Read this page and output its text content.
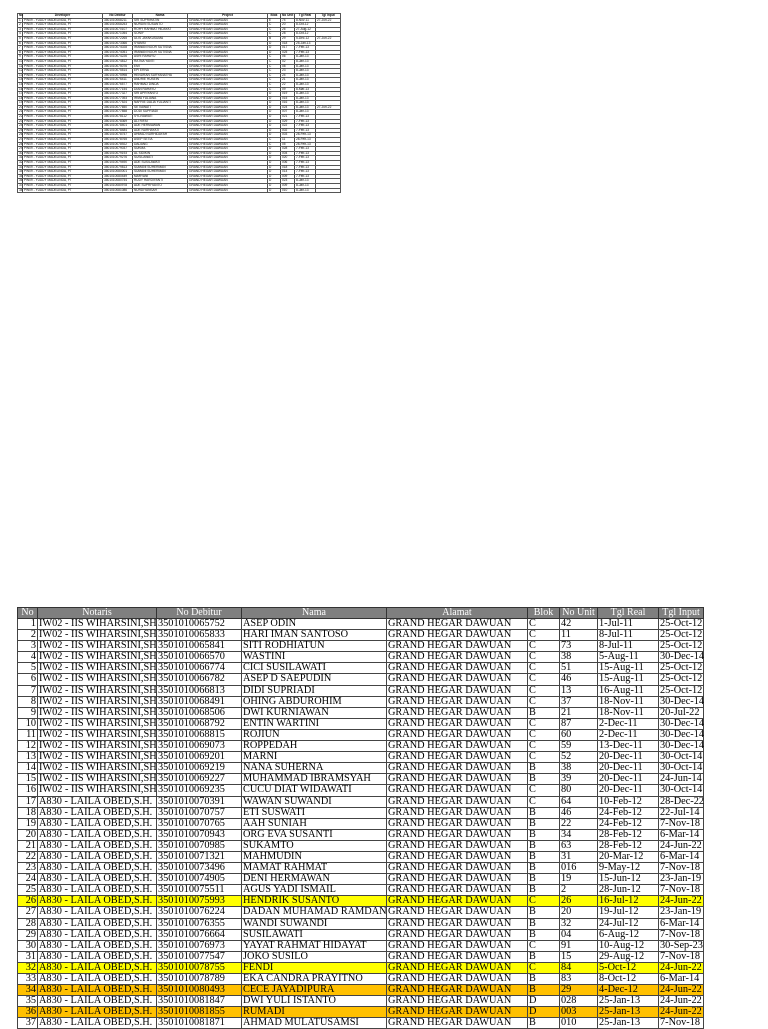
No	Developer	No Debitur	Nama	Project	Blok	No Unit	Tgl Real	Tgl Input
1	PW09 - YUDDY MADELINDA, PT	3501010068211	SRI SUPRIHATIN	GRAND HEGAR DAWUAN	E	74	8-Nov-11	27-Jun-22
2	PW09 - YUDDY MADELINDA, PT	3501010068253	NURDIN SUSANTO	GRAND HEGAR DAWUAN	C	20	8-Oct-12	
3	PW09 - YUDDY MADELINDA, PT	3501010070107	ROHY RAHMAT HIDAYAT	GRAND HEGAR DAWUAN	C	26	27-Aug-12	
4	PW09 - YUDDY MADELINDA, PT	3501010071054	SONIY	GRAND HEGAR DAWUAN	C	28	8-Oct-12	
5	PW09 - YUDDY MADELINDA, PT	3501010072265	ULIS JAYAKUSUMA	GRAND HEGAR DAWUAN	B	29	5-Dec-12	27-Jun-22
6	PW09 - YUDDY MADELINDA, PT	3501010073366	SYAMSI	GRAND HEGAR DAWUAN	D	018	25-Jan-13	
7	PW09 - YUDDY MADELINDA, PT	3501010074028	IRAWAN NOOR SUTISNA	GRAND HEGAR DAWUAN	D	017	7-Feb-13	
8	PW09 - YUDDY MADELINDA, PT	3501010074051	IRAWAN NOOR SUTISNA	GRAND HEGAR DAWUAN	D	025	7-Feb-13	
9	PW09 - YUDDY MADELINDA, PT	3501010074226	ASRI RAHAYU	GRAND HEGAR DAWUAN	C	06	8-Jan-13	
10	PW09 - YUDDY MADELINDA, PT	3501010074812	RATNA YANTI	GRAND HEGAR DAWUAN	C	02	8-Jan-13	
11	PW09 - YUDDY MADELINDA, PT	3501010075076	EMI	GRAND HEGAR DAWUAN	C	08	8-Jan-13	
12	PW09 - YUDDY MADELINDA, PT	3501010075514	EPI ERNA	GRAND HEGAR DAWUAN	C	23	8-Jan-13	
13	PW09 - YUDDY MADELINDA, PT	3501010075998	HENDRAN SURYANATHA	GRAND HEGAR DAWUAN	C	24	8-Jan-13	
14	PW09 - YUDDY MADELINDA, PT	3501010076411	ANDRIE HUSEIN	GRAND HEGAR DAWUAN	C	21	8-Jan-13	
15	PW09 - YUDDY MADELINDA, PT	3501010076577	RAHMAD DINDA	GRAND HEGAR DAWUAN	C	22	8-Jan-13	
16	PW09 - YUDDY MADELINDA, PT	3501010077154	DIAN RAHAYU	GRAND HEGAR DAWUAN	C	09	8-Mar-13	
17	PW09 - YUDDY MADELINDA, PT	3501010077327	SRI APRIYANTO	GRAND HEGAR DAWUAN	D	019	8-Jan-13	
18	PW09 - YUDDY MADELINDA, PT	3501010077393	IRMA YULIANA	GRAND HEGAR DAWUAN	D	015	8-Jan-13	
19	PW09 - YUDDY MADELINDA, PT	3501010077524	NAFRIE DALIA YULIANTI	GRAND HEGAR DAWUAN	D	016	8-Jan-13	
20	PW09 - YUDDY MADELINDA, PT	3501010077650	SETIAWATI	GRAND HEGAR DAWUAN	D	024	8-Jan-13	27-Jun-22
21	PW09 - YUDDY MADELINDA, PT	3501010077858	DODI SUPRIADI	GRAND HEGAR DAWUAN	D	007	8-Jan-13	
22	PW09 - YUDDY MADELINDA, PT	3501010078112	SYLVIAWATI	GRAND HEGAR DAWUAN	D	021	7-Feb-13	
23	PW09 - YUDDY MADELINDA, PT	3501010078369	ALI RIFAI	GRAND HEGAR DAWUAN	D	029	7-Feb-13	
24	PW09 - YUDDY MADELINDA, PT	3501010078401	ADE HERMAWAN	GRAND HEGAR DAWUAN	D	022	7-Feb-13	
25	PW09 - YUDDY MADELINDA, PT	3501010078484	ADE NURHAYATI	GRAND HEGAR DAWUAN	D	002	7-Feb-13	
26	PW09 - YUDDY MADELINDA, PT	3501010078757	AHMAD NURHIDAYAH	GRAND HEGAR DAWUAN	D	003	28-Feb-13	
27	PW09 - YUDDY MADELINDA, PT	3501010078765	ASEP SETIA	GRAND HEGAR DAWUAN	C	11	28-Feb-13	
28	PW09 - YUDDY MADELINDA, PT	3501010078922	DADANG	GRAND HEGAR DAWUAN	C	05	28-Feb-13	
29	PW09 - YUDDY MADELINDA, PT	3501010079037	SUKMA	GRAND HEGAR DAWUAN	D	028	7-Feb-13	
30	PW09 - YUDDY MADELINDA, PT	3501010079193	AL SIDIKIN	GRAND HEGAR DAWUAN	D	004	7-Feb-13	
31	PW09 - YUDDY MADELINDA, PT	3501010079276	SUSILAWATI	GRAND HEGAR DAWUAN	D	020	7-Feb-13	
32	PW09 - YUDDY MADELINDA, PT	3501010079490	ADE SUSILAWATI	GRAND HEGAR DAWUAN	D	006	7-Feb-13	
33	PW09 - YUDDY MADELINDA, PT	3501010079813	SUMANI SUHERMAN	GRAND HEGAR DAWUAN	D	018	7-Feb-13	
34	PW09 - YUDDY MADELINDA, PT	3501010080001	SUMANI SUHERMAN	GRAND HEGAR DAWUAN	D	014	7-Feb-13	
35	PW09 - YUDDY MADELINDA, PT	3501010080449	MARYANI	GRAND HEGAR DAWUAN	D	009	7-Feb-13	
36	PW09 - YUDDY MADELINDA, PT	3501010080754	RUDY HARDIYANTI	GRAND HEGAR DAWUAN	D	023	8-Jan-13	
37	PW09 - YUDDY MADELINDA, PT	3501010080978	ADE SUPRIYANTO	GRAND HEGAR DAWUAN	D	009	8-Jan-13	
38	PW09 - YUDDY MADELINDA, PT	3501010081086	NURDIYANSAH	GRAND HEGAR DAWUAN	D	010	8-Jan-13	
No	Notaris	No Debitur	Nama	Alamat	Blok	No Unit	Tgl Real	Tgl Input
1	IW02 - IIS WIHARSINI,SH	3501010065752	ASEP ODIN	GRAND HEGAR DAWUAN	C	42	1-Jul-11	25-Oct-12
2	IW02 - IIS WIHARSINI,SH	3501010065833	HARI IMAN SANTOSO	GRAND HEGAR DAWUAN	C	11	8-Jul-11	25-Oct-12
3	IW02 - IIS WIHARSINI,SH	3501010065841	SITI RODHIATUN	GRAND HEGAR DAWUAN	C	73	8-Jul-11	25-Oct-12
4	IW02 - IIS WIHARSINI,SH	3501010066570	WASTINI	GRAND HEGAR DAWUAN	C	38	5-Aug-11	30-Dec-14
5	IW02 - IIS WIHARSINI,SH	3501010066774	CICI SUSILAWATI	GRAND HEGAR DAWUAN	C	51	15-Aug-11	25-Oct-12
6	IW02 - IIS WIHARSINI,SH	3501010066782	ASEP D SAEPUDIN	GRAND HEGAR DAWUAN	C	46	15-Aug-11	25-Oct-12
7	IW02 - IIS WIHARSINI,SH	3501010066813	DIDI SUPRIADI	GRAND HEGAR DAWUAN	C	13	16-Aug-11	25-Oct-12
8	IW02 - IIS WIHARSINI,SH	3501010068491	OHING ABDUROHIM	GRAND HEGAR DAWUAN	C	37	18-Nov-11	30-Dec-14
9	IW02 - IIS WIHARSINI,SH	3501010068506	DWI KURNIAWAN	GRAND HEGAR DAWUAN	B	21	18-Nov-11	20-Jul-22
10	IW02 - IIS WIHARSINI,SH	3501010068792	ENTIN WARTINI	GRAND HEGAR DAWUAN	C	87	2-Dec-11	30-Dec-14
11	IW02 - IIS WIHARSINI,SH	3501010068815	ROJIUN	GRAND HEGAR DAWUAN	C	60	2-Dec-11	30-Dec-14
12	IW02 - IIS WIHARSINI,SH	3501010069073	ROPPEDAH	GRAND HEGAR DAWUAN	C	59	13-Dec-11	30-Dec-14
13	IW02 - IIS WIHARSINI,SH	3501010069201	MARNI	GRAND HEGAR DAWUAN	C	52	20-Dec-11	30-Oct-14
14	IW02 - IIS WIHARSINI,SH	3501010069219	NANA SUHERNA	GRAND HEGAR DAWUAN	B	38	20-Dec-11	30-Oct-14
15	IW02 - IIS WIHARSINI,SH	3501010069227	MUHAMMAD IBRAMSYAH	GRAND HEGAR DAWUAN	B	39	20-Dec-11	24-Jun-14
16	IW02 - IIS WIHARSINI,SH	3501010069235	CUCU DIAT WIDAWATI	GRAND HEGAR DAWUAN	C	80	20-Dec-11	30-Oct-14
17	A830 - LAILA OBED,S.H.	3501010070391	WAWAN SUWANDI	GRAND HEGAR DAWUAN	C	64	10-Feb-12	28-Dec-22
18	A830 - LAILA OBED,S.H.	3501010070757	ETI SUSWATI	GRAND HEGAR DAWUAN	B	46	24-Feb-12	22-Jul-14
19	A830 - LAILA OBED,S.H.	3501010070765	AAH SUNIAH	GRAND HEGAR DAWUAN	B	22	24-Feb-12	7-Nov-18
20	A830 - LAILA OBED,S.H.	3501010070943	ORG EVA SUSANTI	GRAND HEGAR DAWUAN	B	34	28-Feb-12	6-Mar-14
21	A830 - LAILA OBED,S.H.	3501010070985	SUKAMTO	GRAND HEGAR DAWUAN	B	63	28-Feb-12	24-Jun-22
22	A830 - LAILA OBED,S.H.	3501010071321	MAHMUDIN	GRAND HEGAR DAWUAN	B	31	20-Mar-12	6-Mar-14
23	A830 - LAILA OBED,S.H.	3501010073496	MAMAT RAHMAT	GRAND HEGAR DAWUAN	B	016	9-May-12	7-Nov-18
24	A830 - LAILA OBED,S.H.	3501010074905	DENI HERMAWAN	GRAND HEGAR DAWUAN	B	19	15-Jun-12	23-Jan-19
25	A830 - LAILA OBED,S.H.	3501010075511	AGUS YADI ISMAIL	GRAND HEGAR DAWUAN	B	2	28-Jun-12	7-Nov-18
26	A830 - LAILA OBED,S.H.	3501010075993	HENDRIK SUSANTO	GRAND HEGAR DAWUAN	C	26	16-Jul-12	24-Jun-22
27	A830 - LAILA OBED,S.H.	3501010076224	DADAN MUHAMAD RAMDAN	GRAND HEGAR DAWUAN	B	20	19-Jul-12	23-Jan-19
28	A830 - LAILA OBED,S.H.	3501010076355	WANDI SUWANDI	GRAND HEGAR DAWUAN	B	32	24-Jul-12	6-Mar-14
29	A830 - LAILA OBED,S.H.	3501010076664	SUSILAWATI	GRAND HEGAR DAWUAN	B	04	6-Aug-12	7-Nov-18
30	A830 - LAILA OBED,S.H.	3501010076973	YAYAT RAHMAT HIDAYAT	GRAND HEGAR DAWUAN	C	91	10-Aug-12	30-Sep-23
31	A830 - LAILA OBED,S.H.	3501010077547	JOKO SUSILO	GRAND HEGAR DAWUAN	B	15	29-Aug-12	7-Nov-18
32	A830 - LAILA OBED,S.H.	3501010078755	FENDI	GRAND HEGAR DAWUAN	C	84	5-Oct-12	24-Jun-22
33	A830 - LAILA OBED,S.H.	3501010078789	EKA CANDRA PRAYITNO	GRAND HEGAR DAWUAN	B	83	8-Oct-12	6-Mar-14
34	A830 - LAILA OBED,S.H.	3501010080493	CECE JAYADIPURA	GRAND HEGAR DAWUAN	B	29	4-Dec-12	24-Jun-22
35	A830 - LAILA OBED,S.H.	3501010081847	DWI YULI ISTANTO	GRAND HEGAR DAWUAN	D	028	25-Jan-13	24-Jun-22
36	A830 - LAILA OBED,S.H.	3501010081855	RUMADI	GRAND HEGAR DAWUAN	D	003	25-Jan-13	24-Jun-22
37	A830 - LAILA OBED,S.H.	3501010081871	AHMAD MULATUSAMSI	GRAND HEGAR DAWUAN	B	010	25-Jan-13	7-Nov-18
